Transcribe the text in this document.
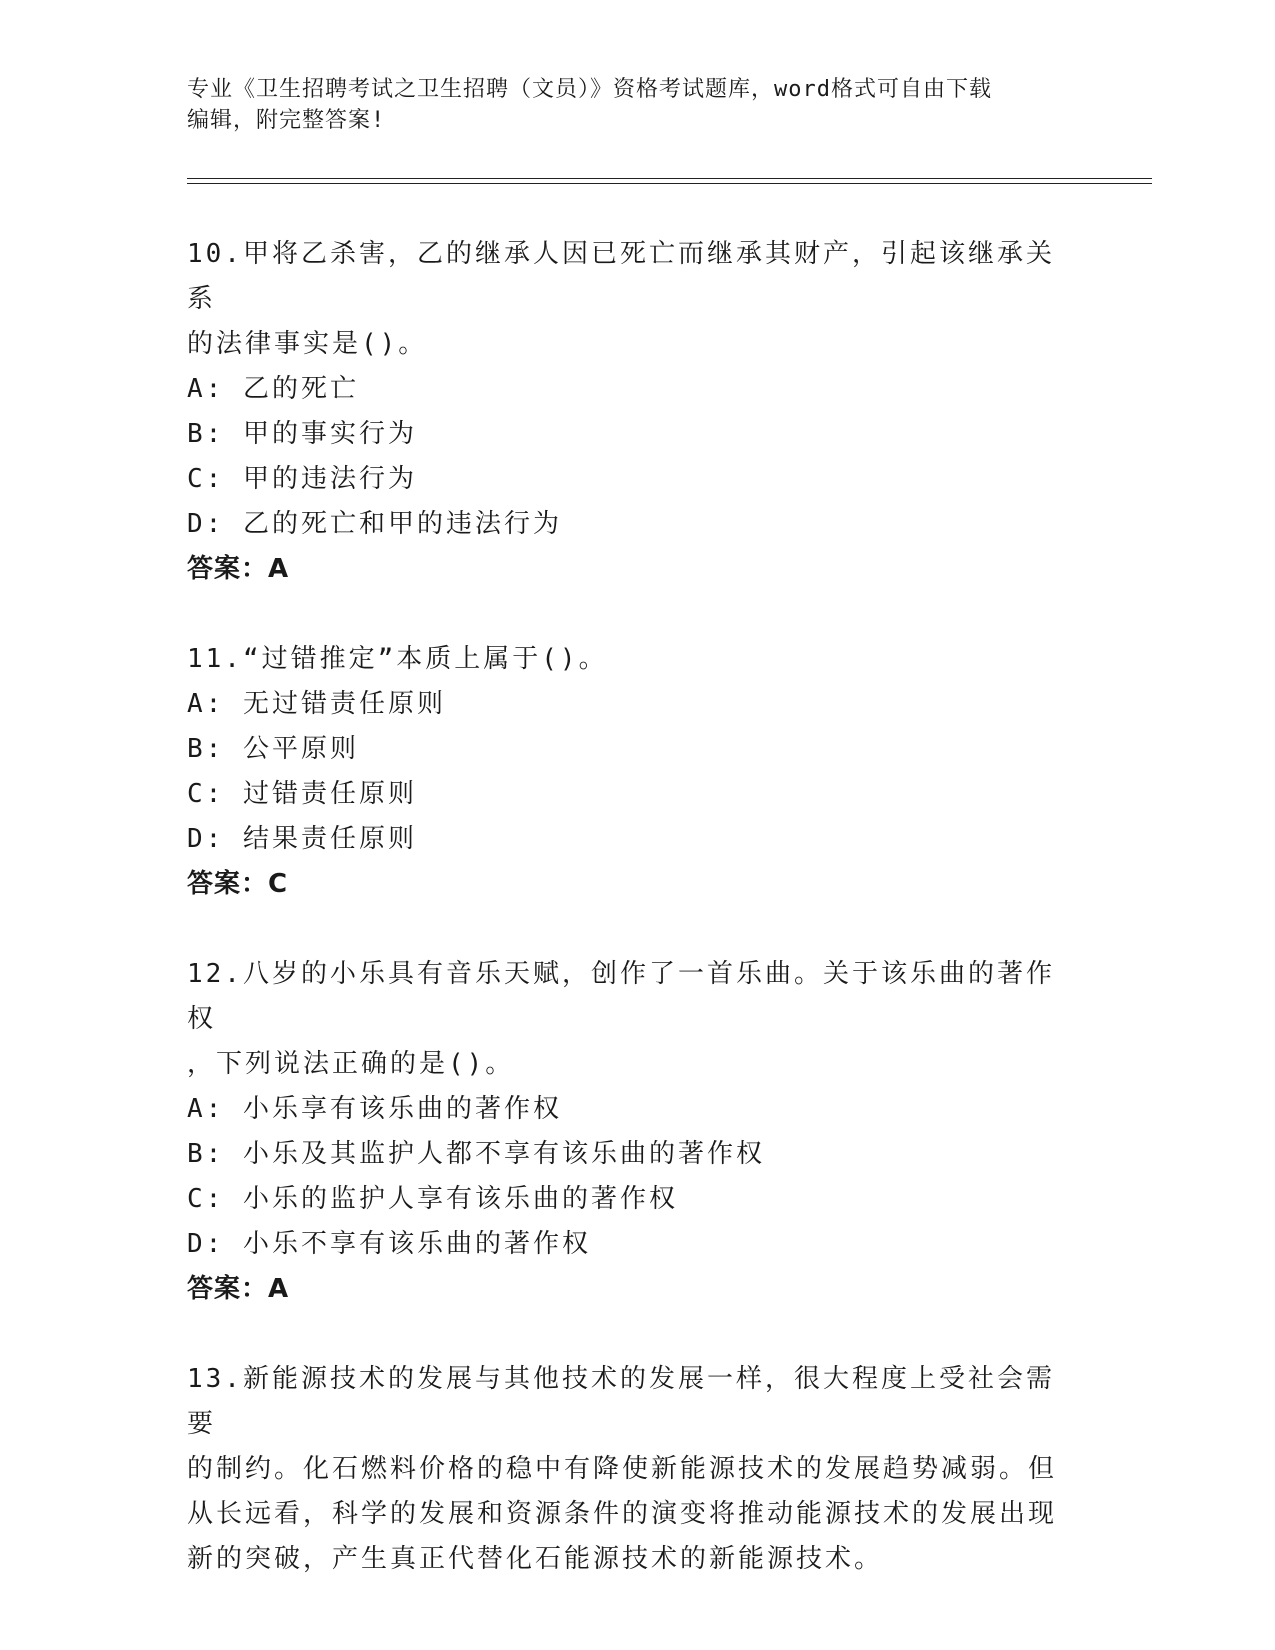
专业《卫生招聘考试之卫生招聘（文员）》资格考试题库，word格式可自由下载
编辑，附完整答案!

10.甲将乙杀害，乙的继承人因已死亡而继承其财产，引起该继承关系

的法律事实是()。

A: 乙的死亡

B: 甲的事实行为

C: 甲的违法行为

D: 乙的死亡和甲的违法行为

答案：A

11.“过错推定”本质上属于()。

A: 无过错责任原则

B: 公平原则

C: 过错责任原则

D: 结果责任原则

答案：C

12.八岁的小乐具有音乐天赋，创作了一首乐曲。关于该乐曲的著作权

，下列说法正确的是()。

A: 小乐享有该乐曲的著作权

B: 小乐及其监护人都不享有该乐曲的著作权

C: 小乐的监护人享有该乐曲的著作权

D: 小乐不享有该乐曲的著作权

答案：A

13.新能源技术的发展与其他技术的发展一样，很大程度上受社会需要

的制约。化石燃料价格的稳中有降使新能源技术的发展趋势减弱。但

从长远看，科学的发展和资源条件的演变将推动能源技术的发展出现

新的突破，产生真正代替化石能源技术的新能源技术。
